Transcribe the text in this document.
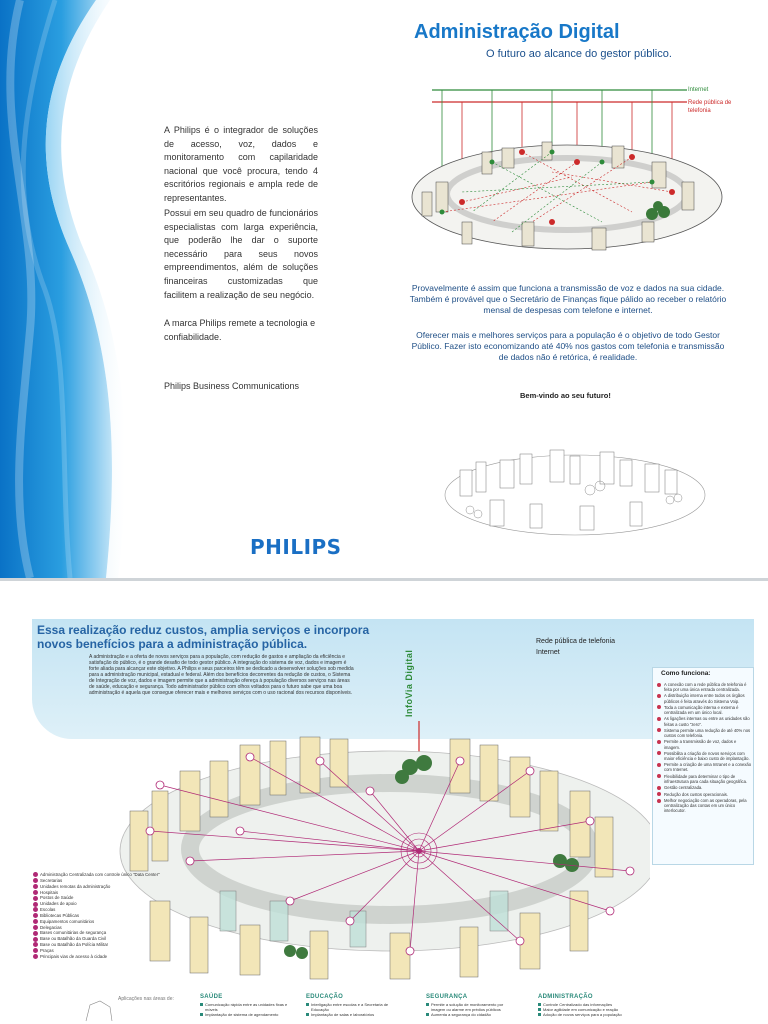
A Philips é o integrador de soluções de acesso, voz, dados e monitoramento com capilaridade nacional que você procura, tendo 4 escritórios regionais e ampla rede de representantes.

Possui em seu quadro de funcionários especialistas com larga experiência, que poderão lhe dar o suporte necessário para seus novos empreendimentos, além de soluções financeiras customizadas que facilitem a realização de seu negócio.

A marca Philips remete a tecnologia e confiabilidade.

Philips Business Communications

PHILIPS
Administração Digital
O futuro ao alcance do gestor público.
Internet
Rede pública de telefonia

Provavelmente é assim que funciona a transmissão de voz e dados na sua cidade. Também é provável que o Secretário de Finanças fique pálido ao receber o relatório mensal de despesas com telefone e internet.

Oferecer mais e melhores serviços para a população é o objetivo de todo Gestor Público. Fazer isto economizando até 40% nos gastos com telefonia e transmissão de dados não é retórica, é realidade.

Bem-vindo ao seu futuro!
Essa realização reduz custos, amplia serviços e incorpora novos benefícios para a administração pública.

A administração e a oferta de novos serviços para a população, com redução de gastos e ampliação da eficiência e satisfação do público, é o grande desafio de todo gestor público. A integração do sistema de voz, dados e imagem é forte aliada para alcançar este objetivo. A Philips e seus parceiros têm se dedicado a desenvolver soluções sob medida para a administração municipal, estadual e federal. Além dos benefícios decorrentes da redução de custos, o Sistema de Integração de voz, dados e imagem permite que a administração ofereça à população diversos serviços nas áreas de saúde, educação e segurança. Todo administrador público com olhos voltados para o futuro sabe que uma boa administração é aquela que consegue oferecer mais e melhores serviços com o uso racional dos recursos disponíveis.	InfoVia Digital
Rede pública de telefonia
Internet
Como funciona:
A conexão com a rede pública de telefonia é feita por uma única entrada centralizada.
A distribuição interna entre todos os órgãos públicos é feita através do Sistema Voip.
Toda a comunicação interna e externa é centralizada em um único local.
As ligações internas ou entre as unidades são feitas a custo "zero".
Sistema permite uma redução de até 40% nos custos com telefonia.
Permite a transmissão de voz, dados e imagem.
Possibilita a criação de novos serviços com maior eficiência e baixo custo de implantação.
Permite a criação de uma Intranet e a conexão com Internet.
Flexibilidade para determinar o tipo de infraestrutura para cada situação geográfica.
Gestão centralizada.
Redução dos custos operacionais.
Melhor negociação com as operadoras, pela centralização das contas em um único interlocutor.
Administração Centralizada com controle único "Data Center"
Secretarias
Unidades remotas da administração
Hospitais
Postos de Saúde
Unidades de apoio
Escolas
Bibliotecas Públicas
Equipamentos comunitários
Delegacias
Bases comunitárias de segurança
Base ou Batalhão da Guarda Civil
Base ou Batalhão da Polícia Militar
Praças
Principais vias de acesso à cidade
Aplicações nas áreas de:	SAÚDE
Comunicação rápida entre as unidades fixas e móveis
Implantação de sistema de agendamento
EDUCAÇÃO
Interligação entre escolas e a Secretaria de Educação
Implantação de salas e laboratórios
SEGURANÇA
Permite a solução de monitoramento por imagem ou alarme em prédios públicos
Aumenta a segurança do cidadão
ADMINISTRAÇÃO
Controle Centralizado das informações
Maior agilidade em comunicação e reação
Adoção de novos serviços para a população
